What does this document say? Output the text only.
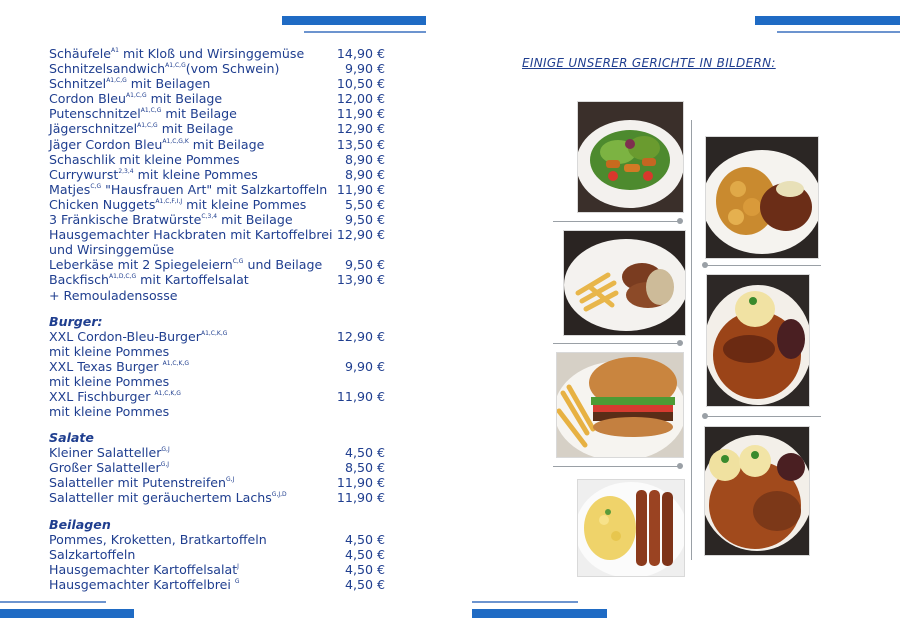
Schäufele$^{A1}$ mit Kloß und Wirsinggemüse	14,90 €
Schnitzelsandwich$^{A1,C,G}$(vom Schwein)	9,90 €
Schnitzel$^{A1,C,G}$ mit Beilagen	10,50 €
Cordon Bleu$^{A1,C,G}$ mit Beilage	12,00 €
Putenschnitzel$^{A1,C,G}$ mit Beilage	11,90 €
Jägerschnitzel$^{A1,C,G}$ mit Beilage	12,90 €
Jäger Cordon Bleu$^{A1,C,G,K}$ mit Beilage	13,50 €
Schaschlik mit kleine Pommes	8,90 €
Currywurst$^{2,3,4}$ mit kleine Pommes	8,90 €
Matjes$^{C,G}$ "Hausfrauen Art" mit Salzkartoffeln 11,90 €
Chicken Nuggets$^{A1,C,F,I,J}$ mit kleine Pommes	5,50 €
3 Fränkische Bratwürste$^{C,3,4}$ mit Beilage	9,50 €
Hausgemachter Hackbraten mit Kartoffelbrei 12,90 €
und Wirsinggemüse
Leberkäse mit 2 Spiegeleiern$^{C,G}$ und Beilage 9,50 €
Backfisch$^{A1,D,C,G}$ mit Kartoffelsalat	13,90 €
+ Remouladensosse
Burger:
XXL Cordon-Bleu-Burger$^{A1,C,K,G}$	12,90 €
mit kleine Pommes
XXL Texas Burger $^{A1,C,K,G}$	9,90 €
mit kleine Pommes
XXL Fischburger $^{A1,C,K,G}$	11,90 €
mit kleine Pommes
Salate
Kleiner Salatteller$^{G,J}$	4,50 €
Großer Salatteller$^{G,J}$	8,50 €
Salatteller mit Putenstreifen$^{G,J}$	11,90 €
Salatteller mit geräuchertem Lachs$^{G,J,D}$	11,90 €
Beilagen
Pommes, Kroketten, Bratkartoffeln	4,50 €
Salzkartoffeln	4,50 €
Hausgemachter Kartoffelsalat$^J$	4,50 €
Hausgemachter Kartoffelbrei $^G$	4,50 €
EINIGE UNSERER GERICHTE IN BILDERN:
